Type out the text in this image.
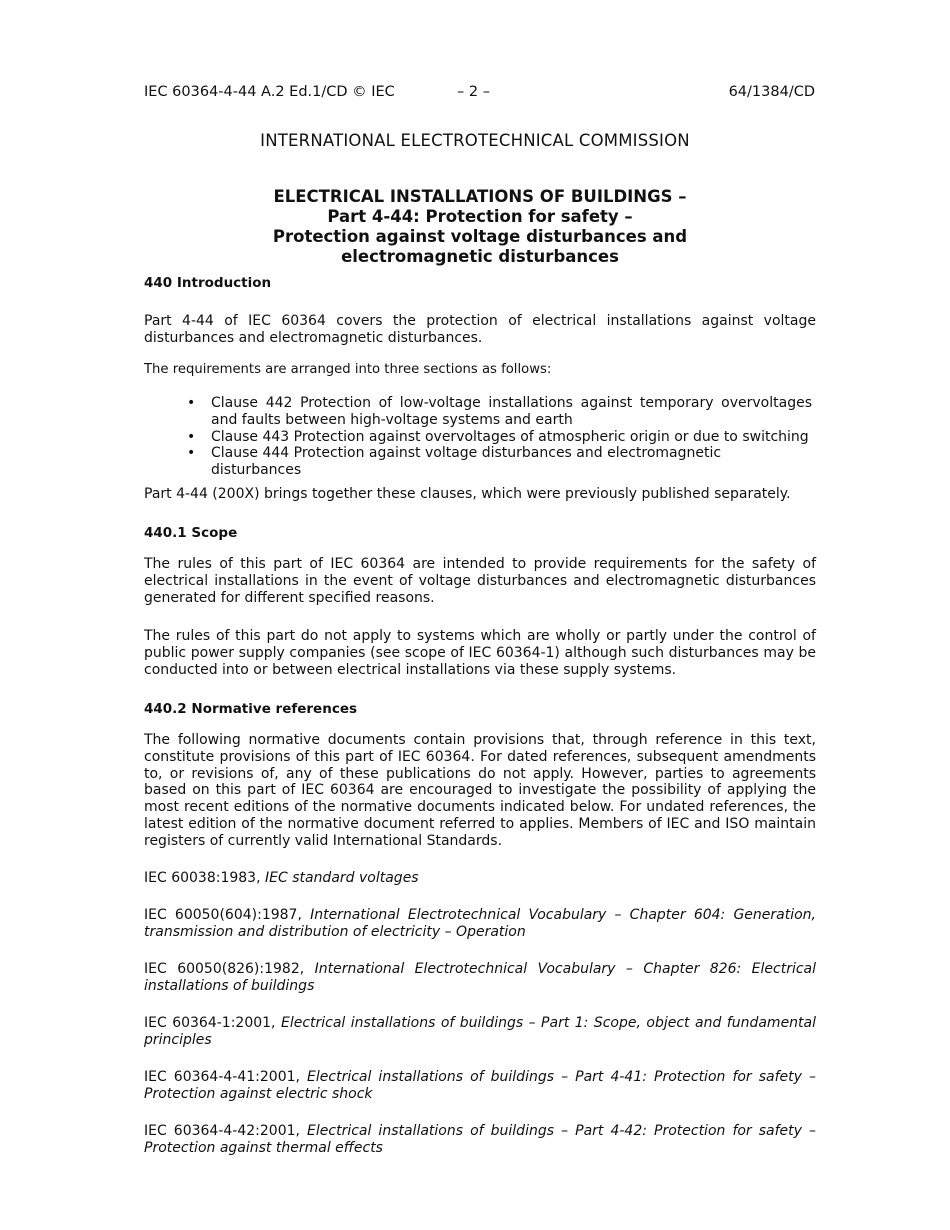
IEC 60364-4-44 A.2 Ed.1/CD © IEC	– 2 –	64/1384/CD
INTERNATIONAL ELECTROTECHNICAL COMMISSION
ELECTRICAL INSTALLATIONS OF BUILDINGS –
Part 4-44: Protection for safety –
Protection against voltage disturbances and
electromagnetic disturbances
440 Introduction
Part 4-44 of IEC 60364 covers the protection of electrical installations against voltage disturbances and electromagnetic disturbances.
The requirements are arranged into three sections as follows:
• Clause 442 Protection of low-voltage installations against temporary overvoltages and faults between high-voltage systems and earth
• Clause 443 Protection against overvoltages of atmospheric origin or due to switching
• Clause 444 Protection against voltage disturbances and electromagnetic disturbances
Part 4-44 (200X) brings together these clauses, which were previously published separately.
440.1 Scope
The rules of this part of IEC 60364 are intended to provide requirements for the safety of electrical installations in the event of voltage disturbances and electromagnetic disturbances generated for different specified reasons.
The rules of this part do not apply to systems which are wholly or partly under the control of public power supply companies (see scope of IEC 60364-1) although such disturbances may be conducted into or between electrical installations via these supply systems.
440.2 Normative references
The following normative documents contain provisions that, through reference in this text, constitute provisions of this part of IEC 60364. For dated references, subsequent amendments to, or revisions of, any of these publications do not apply. However, parties to agreements based on this part of IEC 60364 are encouraged to investigate the possibility of applying the most recent editions of the normative documents indicated below. For undated references, the latest edition of the normative document referred to applies. Members of IEC and ISO maintain registers of currently valid International Standards.
IEC 60038:1983, IEC standard voltages
IEC 60050(604):1987, International Electrotechnical Vocabulary – Chapter 604: Generation, transmission and distribution of electricity – Operation
IEC 60050(826):1982, International Electrotechnical Vocabulary – Chapter 826: Electrical installations of buildings
IEC 60364-1:2001, Electrical installations of buildings – Part 1: Scope, object and fundamental principles
IEC 60364-4-41:2001, Electrical installations of buildings – Part 4-41: Protection for safety – Protection against electric shock
IEC 60364-4-42:2001, Electrical installations of buildings – Part 4-42: Protection for safety – Protection against thermal effects
